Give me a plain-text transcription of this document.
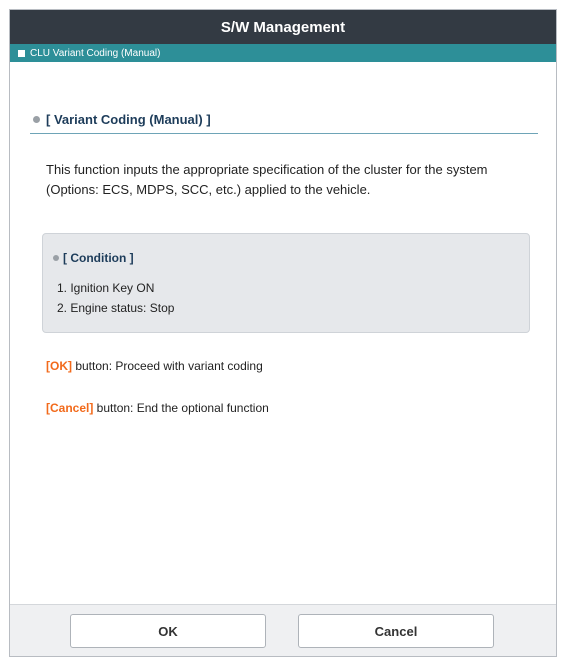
S/W Management
CLU Variant Coding (Manual)
[ Variant Coding (Manual) ]
This function inputs the appropriate specification of the cluster for the system (Options: ECS, MDPS, SCC, etc.) applied to the vehicle.
[ Condition ]
1. Ignition Key ON
2. Engine status: Stop
[OK] button: Proceed with variant coding
[Cancel] button: End the optional function
OK	Cancel
